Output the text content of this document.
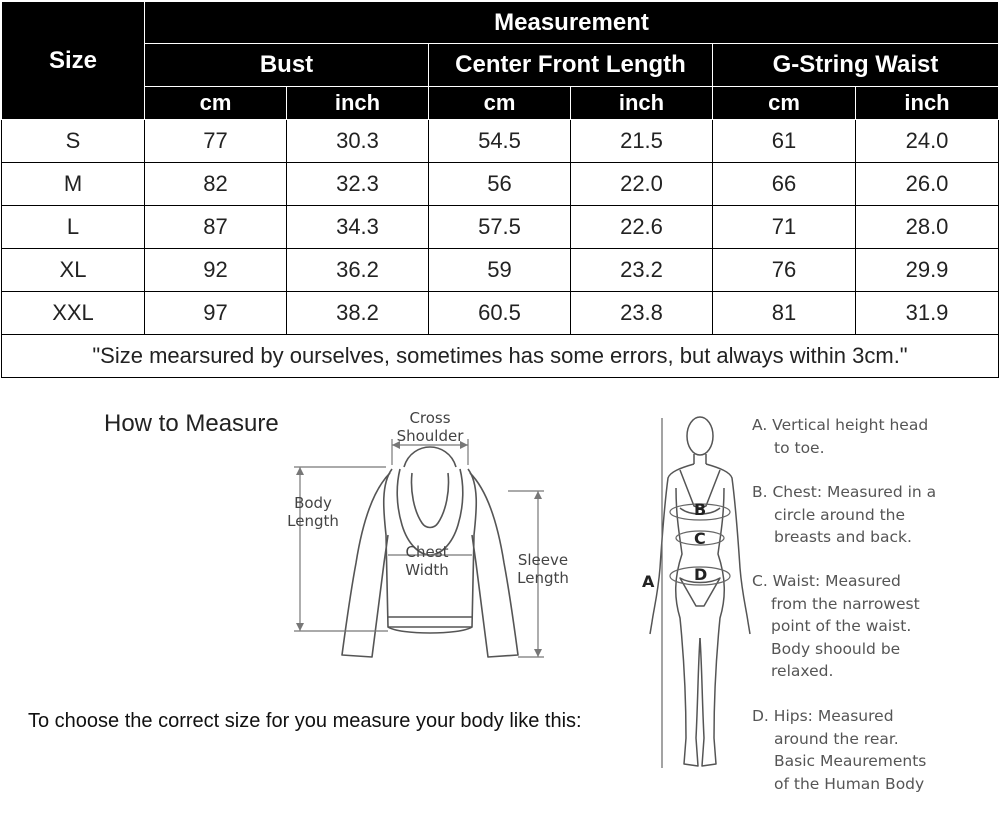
Size	Measurement					
	Bust		Center Front Length		G-String Waist	
	cm	inch	cm	inch	cm	inch
S	77	30.3	54.5	21.5	61	24.0
M	82	32.3	56	22.0	66	26.0
L	87	34.3	57.5	22.6	71	28.0
XL	92	36.2	59	23.2	76	29.9
XXL	97	38.2	60.5	23.8	81	31.9
"Size mearsured by ourselves, sometimes has some errors, but always within 3cm."						
How to Measure	Cross
Shoulder
Body
Length
Chest
Width
Sleeve
Length
To choose the correct size for you measure your body like this:
A
B
C
D
A. Vertical height head
to toe.
B. Chest: Measured in a
circle around the
breasts and back.
C. Waist: Measured
from the narrowest
point of the waist.
Body shoould be
relaxed.
D. Hips: Measured
around the rear.
Basic Meaurements
of the Human Body
